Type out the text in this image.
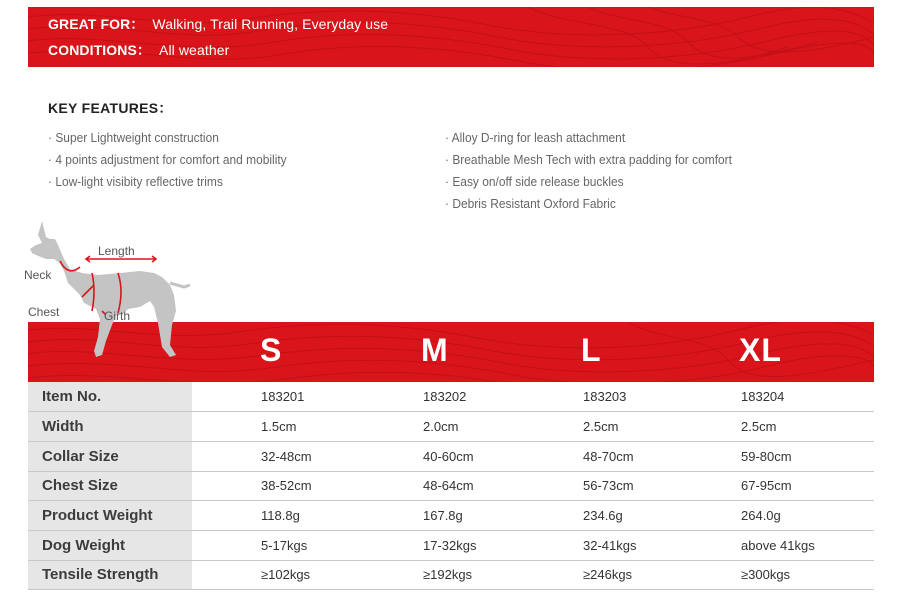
GREAT FOR： Walking, Trail Running, Everyday use
CONDITIONS： All weather
KEY FEATURES：
· Super Lightweight construction
· 4 points adjustment for comfort and mobility
· Low-light visibity reflective trims
· Alloy D-ring for leash attachment
· Breathable Mesh Tech with extra padding for comfort
· Easy on/off side release buckles
· Debris Resistant Oxford Fabric
S	M	L	XL
Length
Neck
Chest	Girth
Item No.	183201	183202	183203	183204
Width	1.5cm	2.0cm	2.5cm	2.5cm
Collar Size	32-48cm	40-60cm	48-70cm	59-80cm
Chest Size	38-52cm	48-64cm	56-73cm	67-95cm
Product Weight	118.8g	167.8g	234.6g	264.0g
Dog Weight	5-17kgs	17-32kgs	32-41kgs	above 41kgs
Tensile Strength	≥102kgs	≥192kgs	≥246kgs	≥300kgs
